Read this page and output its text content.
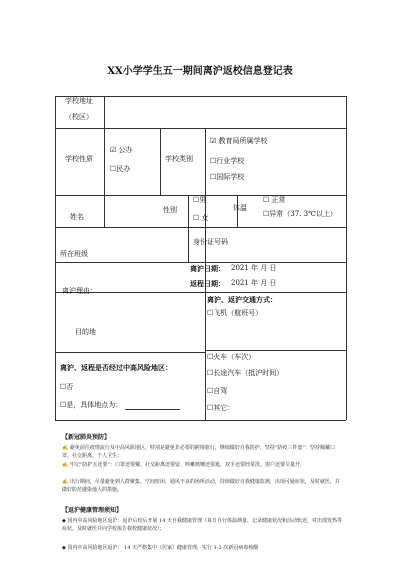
XX小学学生五一期间离沪返校信息登记表
学校地址
（校区）
学校性质
☑ 公办
☐民办
学校类别
☑ 教育局所属学校
☐行业学校
☐国际学校
姓名
性别
☐男
☐ 女
体温
☐ 正常
☐异常（37. 3℃以上）
所在班级
身份证号码
离沪日期： 2021 年 月 日
返程日期： 2021 年 月 日
离沪理由：
离沪、返沪交通方式：
☐飞机（航班号）
目的地
☐火车（车次）
☐长途汽车（抵沪时间）
☐自驾
☐其它：
离沪、返程是否经过中高风险地区：
☐否
☐是，具体地点为：
【新冠肺炎预防】
✍ 避免前往疫情流行及中高风险地区，特别是避免非必要的跨境旅行，继续做好自我防护，坚持“防疫三件套”：坚持佩戴口罩、社交距离、个人卫生；
✍ 牢记“防护五还要”：口罩还要戴、社交距离还要留、咳嗽喷嚏还要遮、双手还要经常洗、窗户还要尽量开。
✍ 出行期间，尽量避免到人群聚集、空间密闭、通风不良的场所活动，持续做好自我健康监测，出现可疑症状，及时就医，并做好防范感染他人的措施。
【返沪健康管理须知】
◆ 国内中高风险地区返沪：返沪后校后开展 14 天自我健康管理（每日自行体温测量、记录健康状况和活动轨迹，对出现发热等症状，及时就医并向学校报告我校健康状况）；
◆ 国内中高风险地区返沪： 14 天严格集中（居家）健康管理，实行 1-2 次新冠病毒核酸
